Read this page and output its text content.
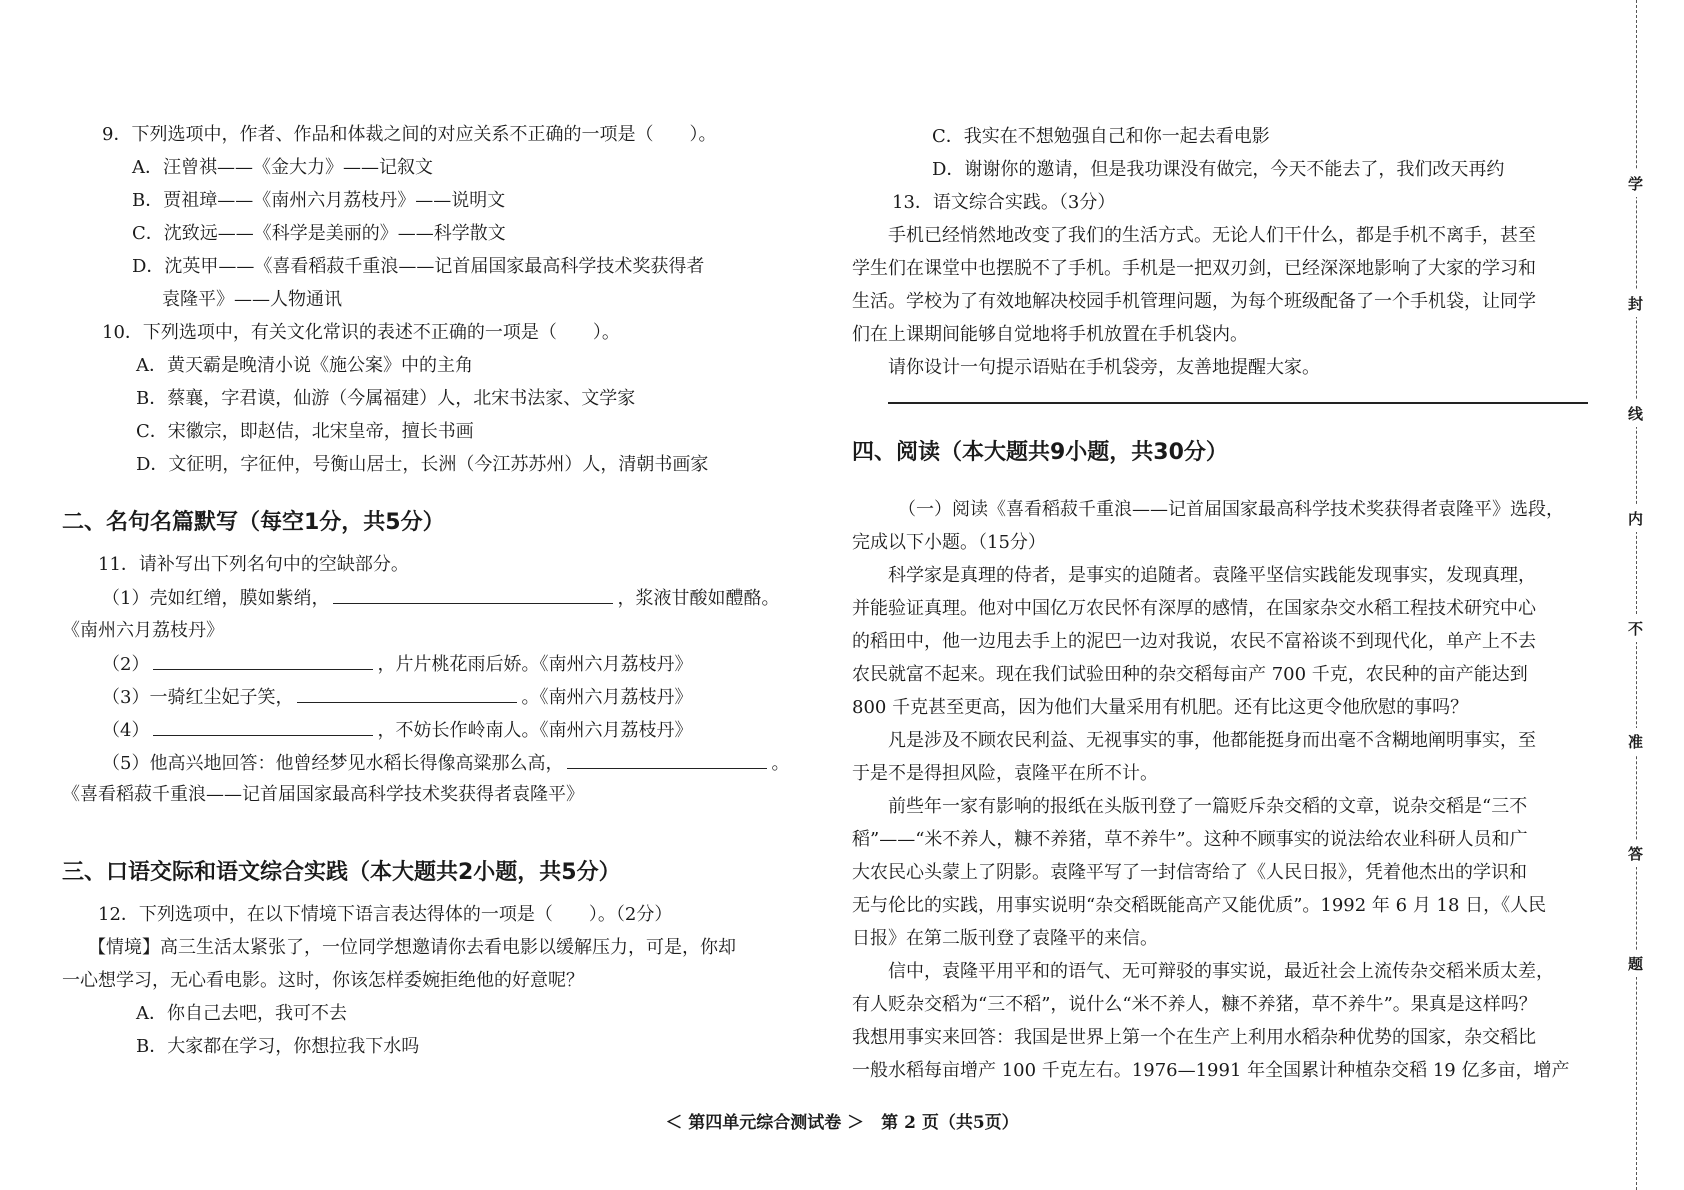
9．下列选项中，作者、作品和体裁之间的对应关系不正确的一项是（　　）。
A．汪曾祺——《金大力》——记叙文
B．贾祖璋——《南州六月荔枝丹》——说明文
C．沈致远——《科学是美丽的》——科学散文
D．沈英甲——《喜看稻菽千重浪——记首届国家最高科学技术奖获得者
袁隆平》——人物通讯
10．下列选项中，有关文化常识的表述不正确的一项是（　　）。
A．黄天霸是晚清小说《施公案》中的主角
B．蔡襄，字君谟，仙游（今属福建）人，北宋书法家、文学家
C．宋徽宗，即赵佶，北宋皇帝，擅长书画
D．文征明，字征仲，号衡山居士，长洲（今江苏苏州）人，清朝书画家
11．请补写出下列名句中的空缺部分。
《南州六月荔枝丹》
《喜看稻菽千重浪——记首届国家最高科学技术奖获得者袁隆平》
12．下列选项中，在以下情境下语言表达得体的一项是（　　）。（2分）
【情境】高三生活太紧张了，一位同学想邀请你去看电影以缓解压力，可是，你却
一心想学习，无心看电影。这时，你该怎样委婉拒绝他的好意呢？
A．你自己去吧，我可不去
B．大家都在学习，你想拉我下水吗
二、名句名篇默写（每空1分，共5分）
三、口语交际和语文综合实践（本大题共2小题，共5分）
（1）壳如红缯，膜如紫绡，	，浆液甘酸如醴酪。
（2）	，片片桃花雨后娇。《南州六月荔枝丹》
（3）一骑红尘妃子笑，	。《南州六月荔枝丹》
（4）	，不妨长作岭南人。《南州六月荔枝丹》
（5）他高兴地回答：他曾经梦见水稻长得像高粱那么高，	。
C．我实在不想勉强自己和你一起去看电影
D．谢谢你的邀请，但是我功课没有做完，今天不能去了，我们改天再约
13．语文综合实践。（3分）
手机已经悄然地改变了我们的生活方式。无论人们干什么，都是手机不离手，甚至
学生们在课堂中也摆脱不了手机。手机是一把双刃剑，已经深深地影响了大家的学习和
生活。学校为了有效地解决校园手机管理问题，为每个班级配备了一个手机袋，让同学
们在上课期间能够自觉地将手机放置在手机袋内。
请你设计一句提示语贴在手机袋旁，友善地提醒大家。
（一）阅读《喜看稻菽千重浪——记首届国家最高科学技术奖获得者袁隆平》选段，
完成以下小题。（15分）
科学家是真理的侍者，是事实的追随者。袁隆平坚信实践能发现事实，发现真理，
并能验证真理。他对中国亿万农民怀有深厚的感情，在国家杂交水稻工程技术研究中心
的稻田中，他一边甩去手上的泥巴一边对我说，农民不富裕谈不到现代化，单产上不去
农民就富不起来。现在我们试验田种的杂交稻每亩产 700 千克，农民种的亩产能达到
800 千克甚至更高，因为他们大量采用有机肥。还有比这更令他欣慰的事吗？
凡是涉及不顾农民利益、无视事实的事，他都能挺身而出毫不含糊地阐明事实，至
于是不是得担风险，袁隆平在所不计。
前些年一家有影响的报纸在头版刊登了一篇贬斥杂交稻的文章，说杂交稻是“三不
稻”——“米不养人，糠不养猪，草不养牛”。这种不顾事实的说法给农业科研人员和广
大农民心头蒙上了阴影。袁隆平写了一封信寄给了《人民日报》，凭着他杰出的学识和
无与伦比的实践，用事实说明“杂交稻既能高产又能优质”。1992 年 6 月 18 日，《人民
日报》在第二版刊登了袁隆平的来信。
信中，袁隆平用平和的语气、无可辩驳的事实说，最近社会上流传杂交稻米质太差，
有人贬杂交稻为“三不稻”，说什么“米不养人，糠不养猪，草不养牛”。果真是这样吗？
我想用事实来回答：我国是世界上第一个在生产上利用水稻杂种优势的国家，杂交稻比
一般水稻每亩增产 100 千克左右。1976—1991 年全国累计种植杂交稻 19 亿多亩，增产
四、阅读（本大题共9小题，共30分）
＜ 第四单元综合测试卷 ＞　第 2 页（共5页）
学
封
线
内
不
准
答
题
